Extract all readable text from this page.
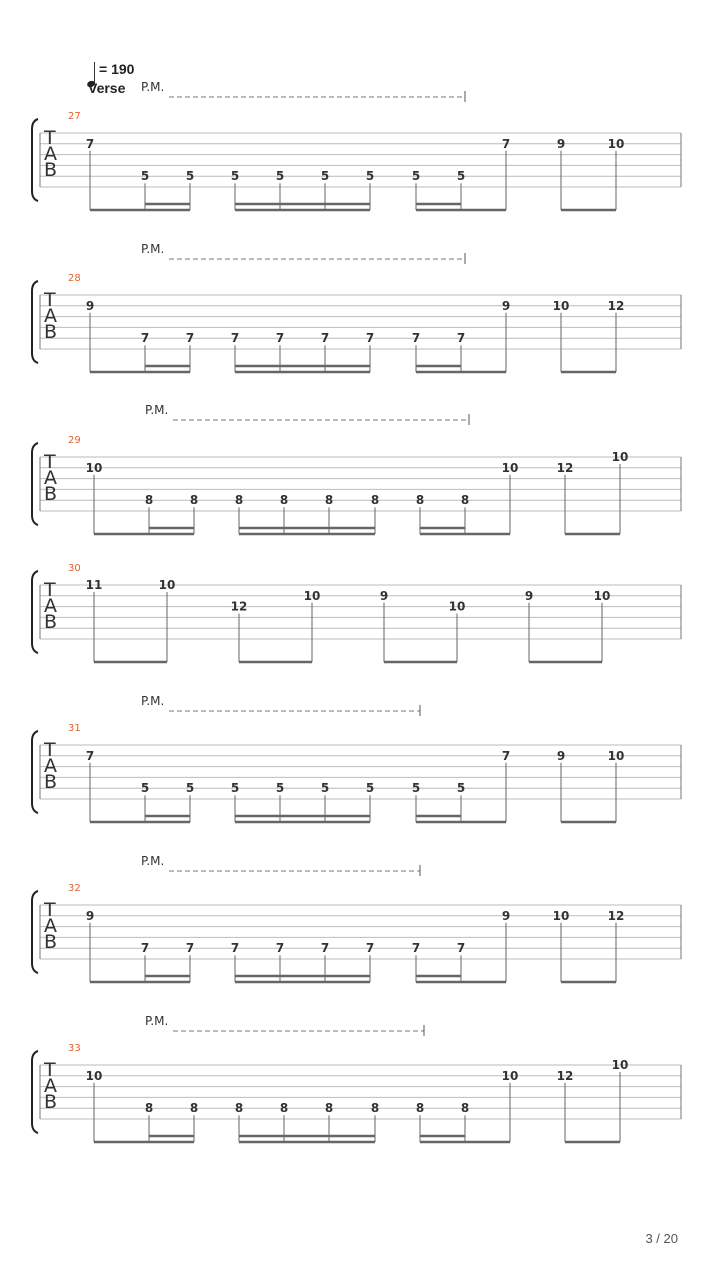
= 190
Verse
T
A
B
27
P.M.
7
5	5	5	5	5	5	5	5
7	9	10
T
A
B
28
P.M.
9
7	7	7	7	7	7	7	7
9	10	12
T
A
B
29
P.M.
10
8	8	8	8	8	8	8	8
10	12
10
T
A
B
30
11	10
12
10	9
10
9	10
T
A
B
31
P.M.
7
5	5	5	5	5	5	5	5
7	9	10
T
A
B
32
P.M.
9
7	7	7	7	7	7	7	7
9	10	12
T
A
B
33
P.M.
10
8	8	8	8	8	8	8	8
10	12
10
3 / 20
